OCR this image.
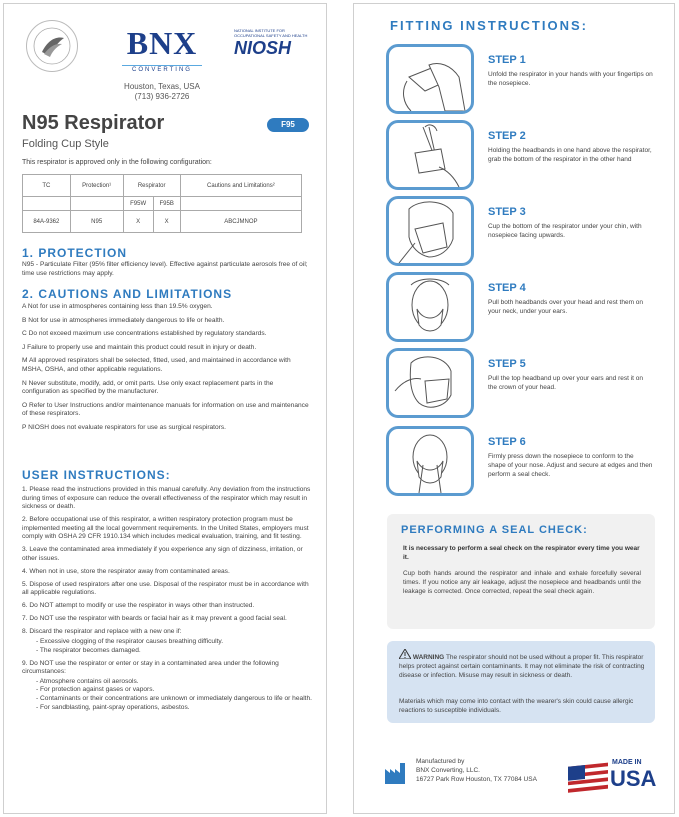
BNX
CONVERTING
NATIONAL INSTITUTE FOR OCCUPATIONAL SAFETY AND HEALTH
NIOSH
Houston, Texas, USA
(713) 936-2726
N95 Respirator
Folding Cup Style
F95
This respirator is approved only in the following configuration:
TC	Protection¹	Respirator		Cautions and Limitations²
		F95W	F95B	
84A-9362	N95	X	X	ABCJMNOP
1. PROTECTION
N95 - Particulate Filter (95% filter efficiency level). Effective against particulate aerosols free of oil; time use restrictions may apply.
2. CAUTIONS AND LIMITATIONS

A Not for use in atmospheres containing less than 19.5% oxygen.

B Not for use in atmospheres immediately dangerous to life or health.

C Do not exceed maximum use concentrations established by regulatory standards.

J Failure to properly use and maintain this product could result in injury or death.

M All approved respirators shall be selected, fitted, used, and maintained in accordance with MSHA, OSHA, and other applicable regulations.

N Never substitute, modify, add, or omit parts. Use only exact replacement parts in the configuration as specified by the manufacturer.

O Refer to User Instructions and/or maintenance manuals for information on use and maintenance of these respirators.

P NIOSH does not evaluate respirators for use as surgical respirators.

USER INSTRUCTIONS:

1. Please read the instructions provided in this manual carefully. Any deviation from the instructions during times of exposure can reduce the overall effectiveness of the respirator which may result in sickness or death.

2. Before occupational use of this respirator, a written respiratory protection program must be implemented meeting all the local government requirements. In the United States, employers must comply with OSHA 29 CFR 1910.134 which includes medical evaluation, training, and fit testing.

3. Leave the contaminated area immediately if you experience any sign of dizziness, irritation, or other issues.

4. When not in use, store the respirator away from contaminated areas.

5. Dispose of used respirators after one use. Disposal of the respirator must be in accordance with all applicable regulations.

6. Do NOT attempt to modify or use the respirator in ways other than instructed.

7. Do NOT use the respirator with beards or facial hair as it may prevent a good facial seal.

8. Discard the respirator and replace with a new one if:

- Excessive clogging of the respirator causes breathing difficulty.
- The respirator becomes damaged.

9. Do NOT use the respirator or enter or stay in a contaminated area under the following circumstances:

- Atmosphere contains oil aerosols.
- For protection against gases or vapors.
- Contaminants or their concentrations are unknown or immediately dangerous to life or health.
- For sandblasting, paint-spray operations, asbestos.
FITTING INSTRUCTIONS:
STEP 1
Unfold the respirator in your hands with your fingertips on the nosepiece.
STEP 2
Holding the headbands in one hand above the respirator, grab the bottom of the respirator in the other hand
STEP 3
Cup the bottom of the respirator under your chin, with nosepiece facing upwards.
STEP 4
Pull both headbands over your head and rest them on your neck, under your ears.
STEP 5
Pull the top headband up over your ears and rest it on the crown of your head.
STEP 6
Firmly press down the nosepiece to conform to the shape of your nose. Adjust and secure at edges and then perform a seal check.
PERFORMING A SEAL CHECK:
It is necessary to perform a seal check on the respirator every time you wear it.
Cup both hands around the respirator and inhale and exhale forcefully several times. If you notice any air leakage, adjust the nosepiece and headbands until the leakage is corrected. Once corrected, repeat the seal check again.
WARNING The respirator should not be used without a proper fit. This respirator helps protect against certain contaminants. It may not eliminate the risk of contracting disease or infection. Misuse may result in sickness or death.
Materials which may come into contact with the wearer's skin could cause allergic reactions to susceptible individuals.
Manufactured by
BNX Converting, LLC.
16727 Park Row Houston, TX 77084 USA
MADE IN
USA
